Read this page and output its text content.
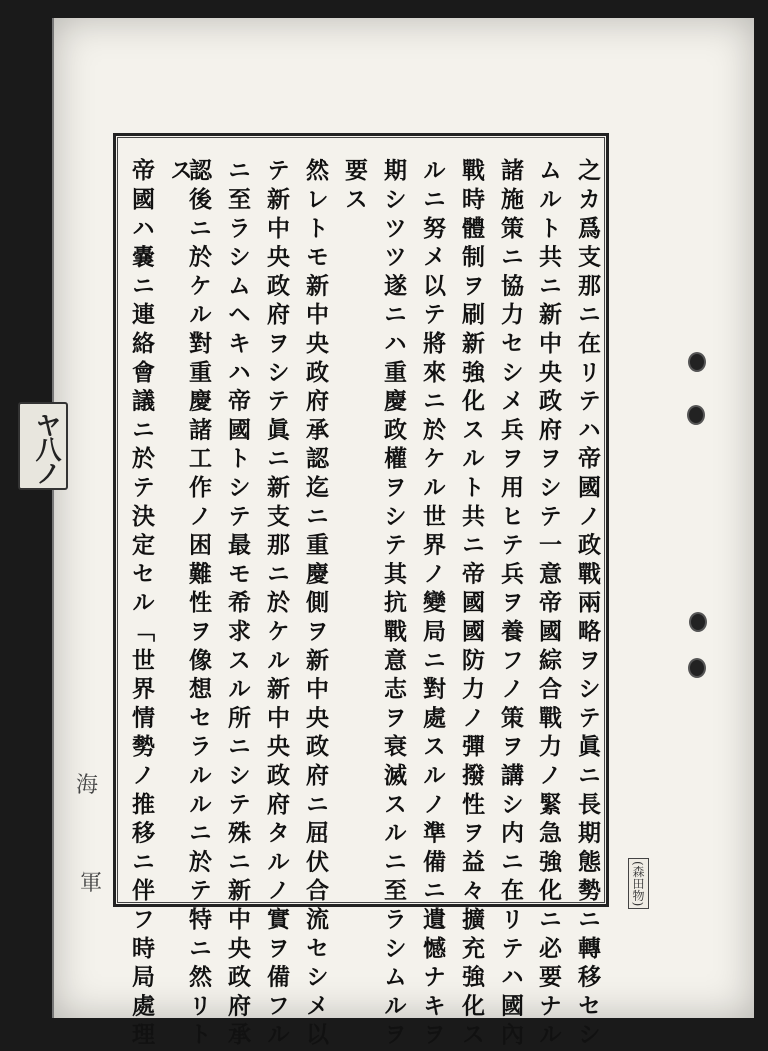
ヤ八ノ	之カ爲支那ニ在リテハ帝國ノ政戰兩略ヲシテ眞ニ長期態勢ニ轉移セシ
ムルト共ニ新中央政府ヲシテ一意帝國綜合戰力ノ緊急強化ニ必要ナル
諸施策ニ協力セシメ兵ヲ用ヒテ兵ヲ養フノ策ヲ講シ内ニ在リテハ國內
戰時體制ヲ刷新強化スルト共ニ帝國國防力ノ彈撥性ヲ益々擴充強化ス
ルニ努メ以テ將來ニ於ケル世界ノ變局ニ對處スルノ準備ニ遺憾ナキヲ
期シツツ遂ニハ重慶政權ヲシテ其抗戰意志ヲ衰滅スルニ至ラシムルヲ
要ス
然レトモ新中央政府承認迄ニ重慶側ヲ新中央政府ニ屈伏合流セシメ以
テ新中央政府ヲシテ眞ニ新支那ニ於ケル新中央政府タルノ實ヲ備フル
ニ至ラシムヘキハ帝國トシテ最モ希求スル所ニシテ殊ニ新中央政府承
認後ニ於ケル對重慶諸工作ノ困難性ヲ像想セラルルニ於テ特ニ然リト
ス
帝國ハ嚢ニ連絡會議ニ於テ決定セル「世界情勢ノ推移ニ伴フ時局處理
海
軍	(森田物)
